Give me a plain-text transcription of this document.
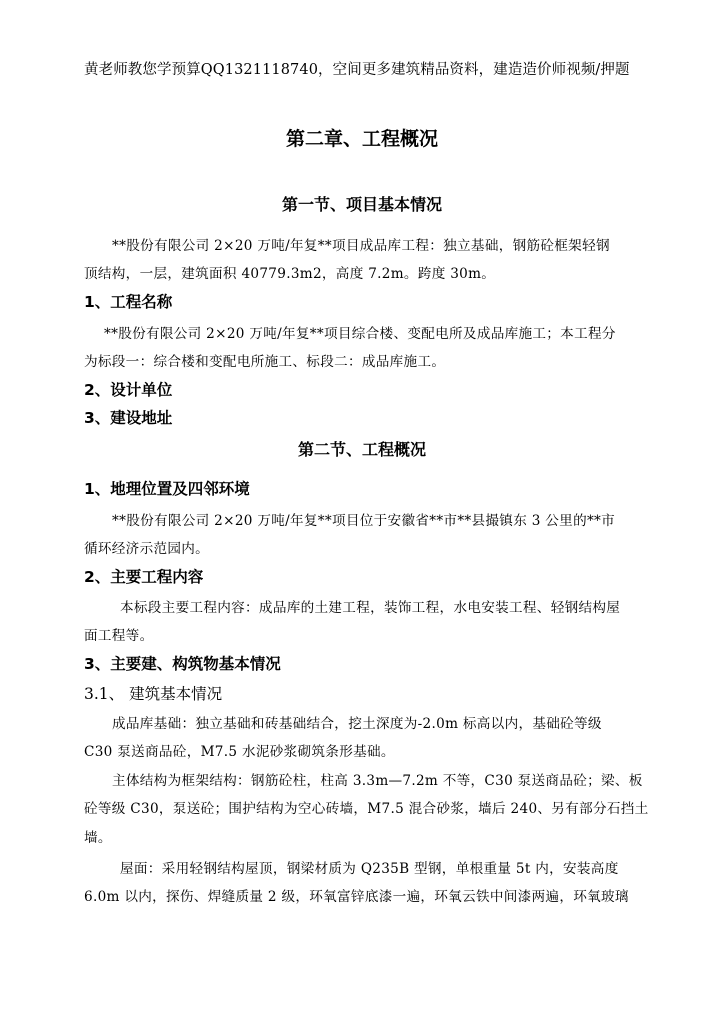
黄老师教您学预算QQ1321118740，空间更多建筑精品资料，建造造价师视频/押题
第二章、工程概况
第一节、项目基本情况
**股份有限公司 2×20 万吨/年复**项目成品库工程：独立基础，钢筋砼框架轻钢
顶结构，一层，建筑面积 40779.3m2，高度 7.2m。跨度 30m。
1、工程名称
**股份有限公司 2×20 万吨/年复**项目综合楼、变配电所及成品库施工；本工程分
为标段一：综合楼和变配电所施工、标段二：成品库施工。
2、设计单位
3、建设地址
第二节、工程概况
1、地理位置及四邻环境
**股份有限公司 2×20 万吨/年复**项目位于安徽省**市**县撮镇东 3 公里的**市
循环经济示范园内。
2、主要工程内容
本标段主要工程内容：成品库的土建工程，装饰工程，水电安装工程、轻钢结构屋
面工程等。
3、主要建、构筑物基本情况
3.1、 建筑基本情况
成品库基础：独立基础和砖基础结合，挖土深度为-2.0m 标高以内，基础砼等级
C30 泵送商品砼，M7.5 水泥砂浆砌筑条形基础。
主体结构为框架结构：钢筋砼柱，柱高 3.3m—7.2m 不等，C30 泵送商品砼；梁、板
砼等级 C30，泵送砼；围护结构为空心砖墙，M7.5 混合砂浆，墙后 240、另有部分石挡土
墙。
屋面：采用轻钢结构屋顶，钢梁材质为 Q235B 型钢，单根重量 5t 内，安装高度
6.0m 以内，探伤、焊缝质量 2 级，环氧富锌底漆一遍，环氧云铁中间漆两遍，环氧玻璃
